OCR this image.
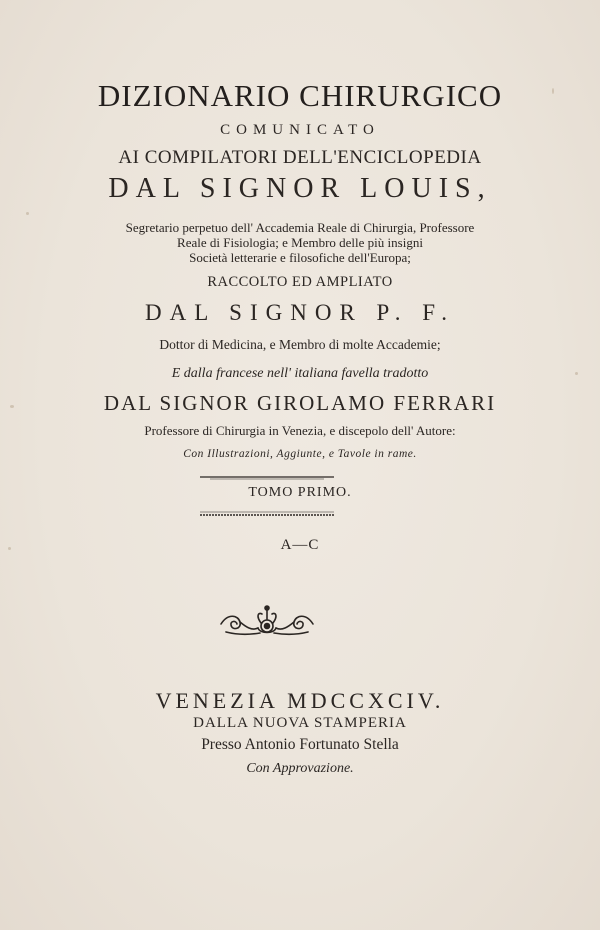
DIZIONARIO CHIRURGICO
COMUNICATO
AI COMPILATORI DELL'ENCICLOPEDIA
DAL SIGNOR LOUIS,
Segretario perpetuo dell' Accademia Reale di Chirurgia, Professore
Reale di Fisiologia; e Membro delle più insigni
Società letterarie e filosofiche dell'Europa;
RACCOLTO ED AMPLIATO
DAL SIGNOR P. F.
Dottor di Medicina, e Membro di molte Accademie;
E dalla francese nell' italiana favella tradotto
DAL SIGNOR GIROLAMO FERRARI
Professore di Chirurgia in Venezia, e discepolo dell' Autore:
Con Illustrazioni, Aggiunte, e Tavole in rame.
TOMO PRIMO.
A—C
VENEZIA MDCCXCIV.
DALLA NUOVA STAMPERIA
Presso Antonio Fortunato Stella
Con Approvazione.
